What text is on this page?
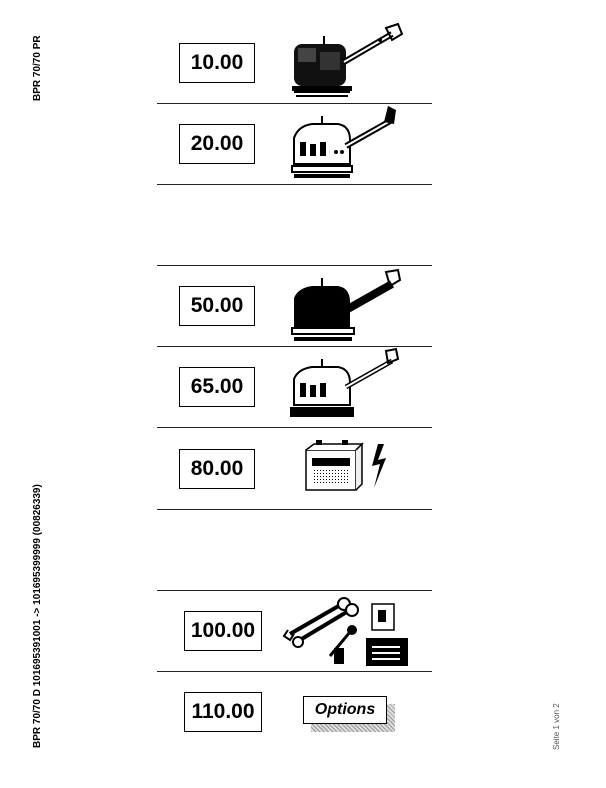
BPR 70/70 PR
BPR 70/70 D 101695391001 -> 101695399999 (00826339)	Seite 1 von 2
10.00
20.00
50.00
65.00
80.00
100.00
110.00	Options
